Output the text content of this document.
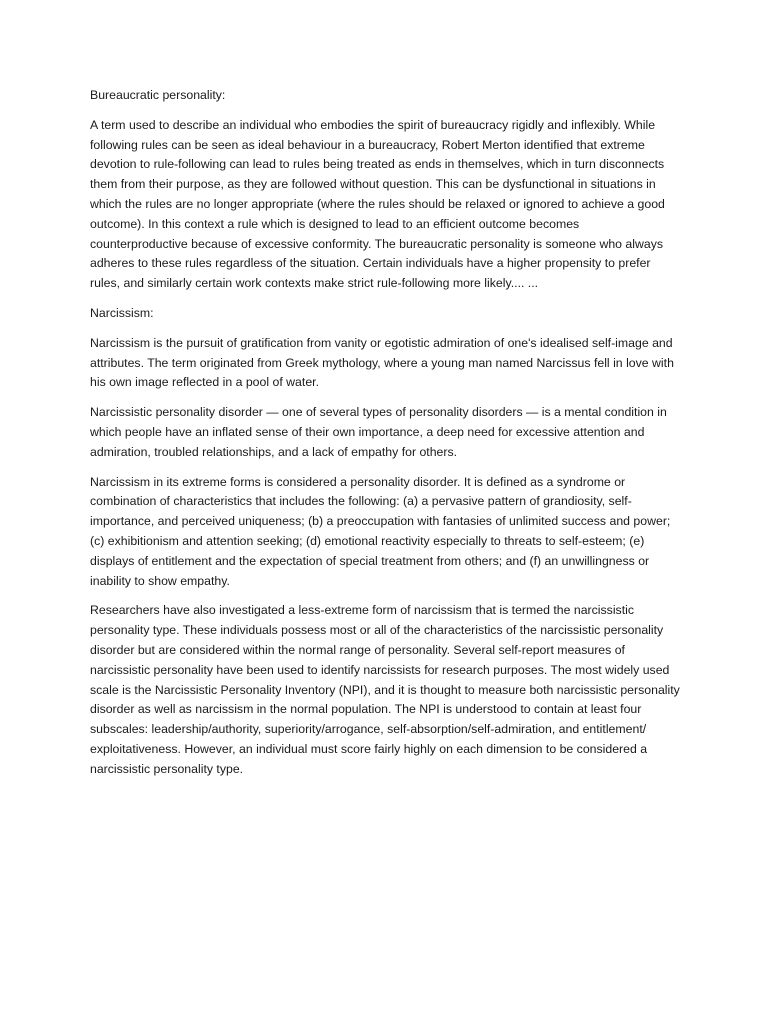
Bureaucratic personality:

A term used to describe an individual who embodies the spirit of bureaucracy rigidly and inflexibly. While following rules can be seen as ideal behaviour in a bureaucracy, Robert Merton identified that extreme devotion to rule-following can lead to rules being treated as ends in themselves, which in turn disconnects them from their purpose, as they are followed without question. This can be dysfunctional in situations in which the rules are no longer appropriate (where the rules should be relaxed or ignored to achieve a good outcome). In this context a rule which is designed to lead to an efficient outcome becomes counterproductive because of excessive conformity. The bureaucratic personality is someone who always adheres to these rules regardless of the situation. Certain individuals have a higher propensity to prefer rules, and similarly certain work contexts make strict rule-following more likely.... ...

Narcissism:

Narcissism is the pursuit of gratification from vanity or egotistic admiration of one's idealised self-image and attributes. The term originated from Greek mythology, where a young man named Narcissus fell in love with his own image reflected in a pool of water.

Narcissistic personality disorder — one of several types of personality disorders — is a mental condition in which people have an inflated sense of their own importance, a deep need for excessive attention and admiration, troubled relationships, and a lack of empathy for others.

Narcissism in its extreme forms is considered a personality disorder. It is defined as a syndrome or combination of characteristics that includes the following: (a) a pervasive pattern of grandiosity, self-importance, and perceived uniqueness; (b) a preoccupation with fantasies of unlimited success and power; (c) exhibitionism and attention seeking; (d) emotional reactivity especially to threats to self-esteem; (e) displays of entitlement and the expectation of special treatment from others; and (f) an unwillingness or inability to show empathy.

Researchers have also investigated a less-extreme form of narcissism that is termed the narcissistic personality type. These individuals possess most or all of the characteristics of the narcissistic personality disorder but are considered within the normal range of personality. Several self-report measures of narcissistic personality have been used to identify narcissists for research purposes. The most widely used scale is the Narcissistic Personality Inventory (NPI), and it is thought to measure both narcissistic personality disorder as well as narcissism in the normal population. The NPI is understood to contain at least four subscales: leadership/authority, superiority/arrogance, self-absorption/self-admiration, and entitlement/ exploitativeness. However, an individual must score fairly highly on each dimension to be considered a narcissistic personality type.
